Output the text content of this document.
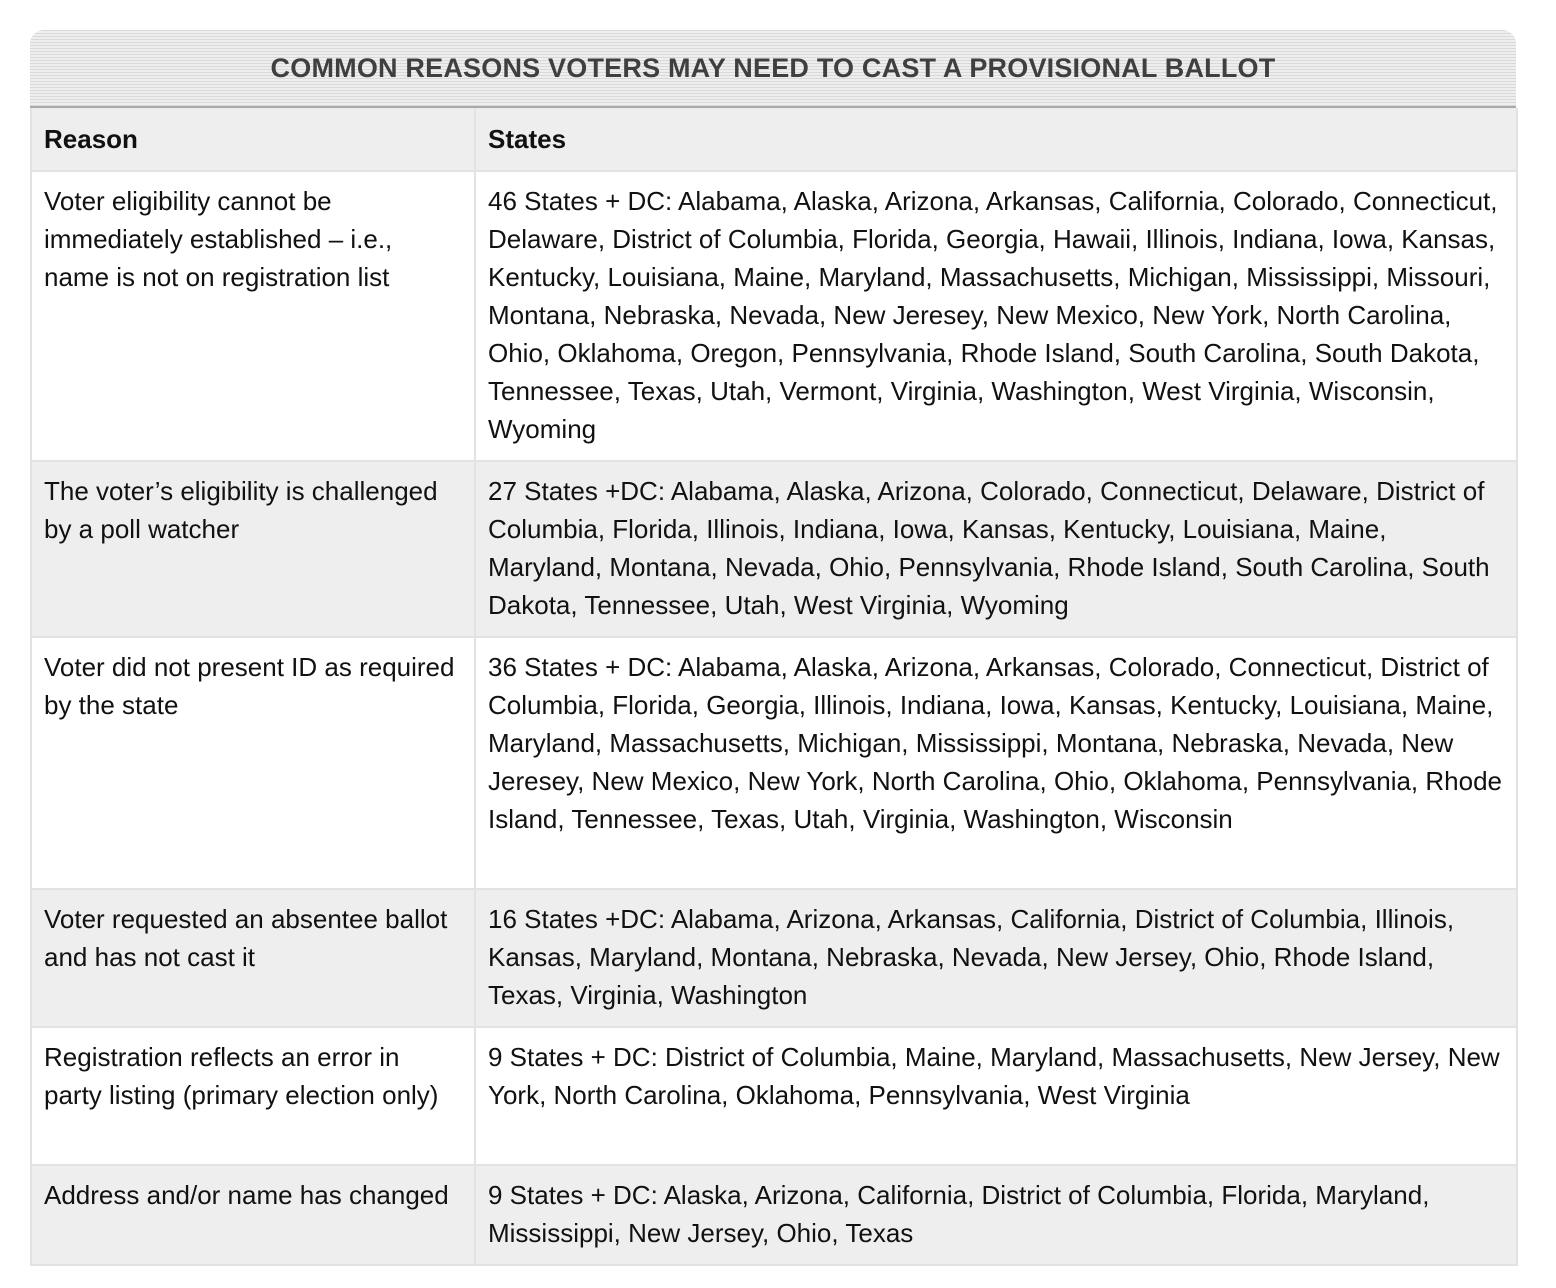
COMMON REASONS VOTERS MAY NEED TO CAST A PROVISIONAL BALLOT
Reason	States
Voter eligibility cannot be immediately established – i.e., name is not on registration list	46 States + DC: Alabama, Alaska, Arizona, Arkansas, California, Colorado, Connecticut, Delaware, District of Columbia, Florida, Georgia, Hawaii, Illinois, Indiana, Iowa, Kansas, Kentucky, Louisiana, Maine, Maryland, Massachusetts, Michigan, Mississippi, Missouri, Montana, Nebraska, Nevada, New Jeresey, New Mexico, New York, North Carolina, Ohio, Oklahoma, Oregon, Pennsylvania, Rhode Island, South Carolina, South Dakota, Tennessee, Texas, Utah, Vermont, Virginia, Washington, West Virginia, Wisconsin, Wyoming
The voter’s eligibility is challenged by a poll watcher	27 States +DC: Alabama, Alaska, Arizona, Colorado, Connecticut, Delaware, District of Columbia, Florida, Illinois, Indiana, Iowa, Kansas, Kentucky, Louisiana, Maine, Maryland, Montana, Nevada, Ohio, Pennsylvania, Rhode Island, South Carolina, South Dakota, Tennessee, Utah, West Virginia, Wyoming
Voter did not present ID as required by the state	36 States + DC: Alabama, Alaska, Arizona, Arkansas, Colorado, Connecticut, District of Columbia, Florida, Georgia, Illinois, Indiana, Iowa, Kansas, Kentucky, Louisiana, Maine, Maryland, Massachusetts, Michigan, Mississippi, Montana, Nebraska, Nevada, New Jeresey, New Mexico, New York, North Carolina, Ohio, Oklahoma, Pennsylvania, Rhode Island, Tennessee, Texas, Utah, Virginia, Washington, Wisconsin
Voter requested an absentee ballot and has not cast it	16 States +DC: Alabama, Arizona, Arkansas, California, District of Columbia, Illinois, Kansas, Maryland, Montana, Nebraska, Nevada, New Jersey, Ohio, Rhode Island, Texas, Virginia, Washington
Registration reflects an error in party listing (primary election only)	9 States + DC: District of Columbia, Maine, Maryland, Massachusetts, New Jersey, New York, North Carolina, Oklahoma, Pennsylvania, West Virginia
Address and/or name has changed	9 States + DC: Alaska, Arizona, California, District of Columbia, Florida, Maryland, Mississippi, New Jersey, Ohio, Texas
